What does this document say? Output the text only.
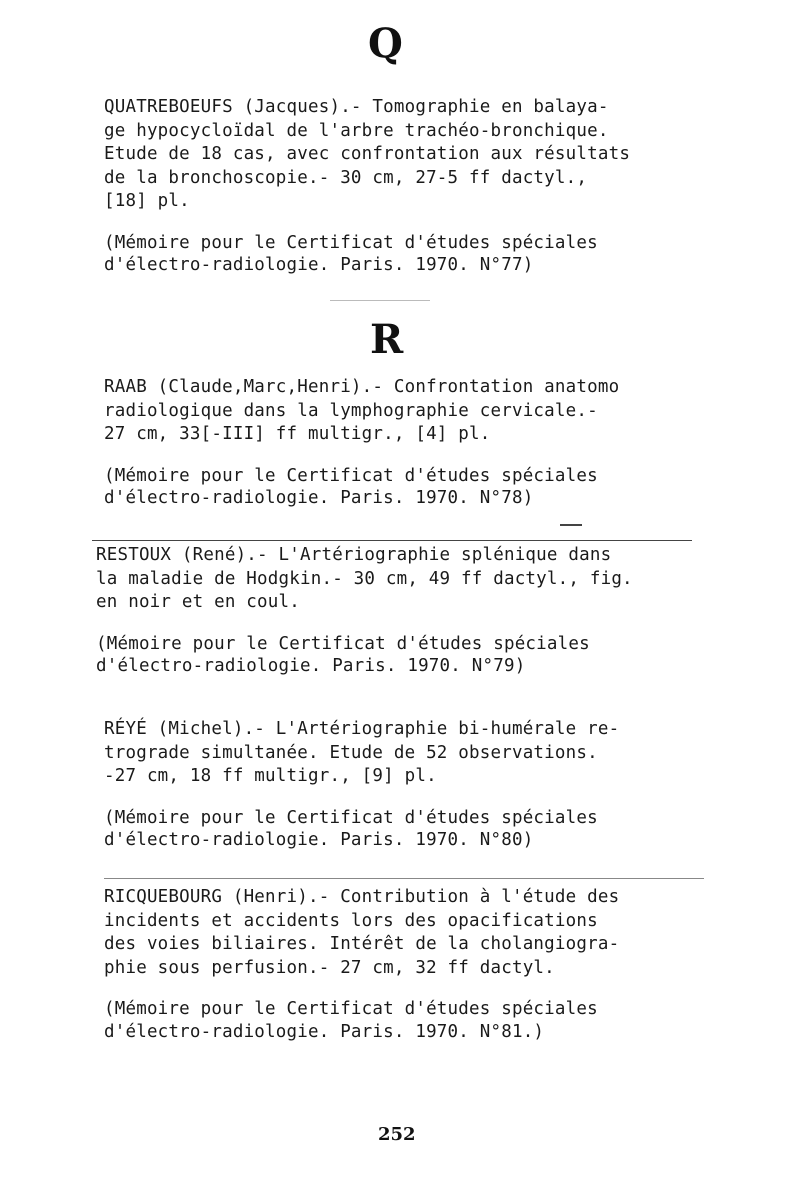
Q
QUATREBOEUFS (Jacques).- Tomographie en balaya-
ge hypocycloïdal de l'arbre trachéo-bronchique.
Etude de 18 cas, avec confrontation aux résultats
de la bronchoscopie.- 30 cm, 27-5 ff dactyl.,
[18] pl.
(Mémoire pour le Certificat d'études spéciales
d'électro-radiologie. Paris. 1970. N°77)
R
RAAB (Claude,Marc,Henri).- Confrontation anatomo
radiologique dans la lymphographie cervicale.-
27 cm, 33[-III] ff multigr., [4] pl.
(Mémoire pour le Certificat d'études spéciales
d'électro-radiologie. Paris. 1970. N°78)
RESTOUX (René).- L'Artériographie splénique dans
la maladie de Hodgkin.- 30 cm, 49 ff dactyl., fig.
en noir et en coul.
(Mémoire pour le Certificat d'études spéciales
d'électro-radiologie. Paris. 1970. N°79)
RÉYÉ (Michel).- L'Artériographie bi-humérale re-
trograde simultanée. Etude de 52 observations.
-27 cm, 18 ff multigr., [9] pl.
(Mémoire pour le Certificat d'études spéciales
d'électro-radiologie. Paris. 1970. N°80)
RICQUEBOURG (Henri).- Contribution à l'étude des
incidents et accidents lors des opacifications
des voies biliaires. Intérêt de la cholangiogra-
phie sous perfusion.- 27 cm, 32 ff dactyl.
(Mémoire pour le Certificat d'études spéciales
d'électro-radiologie. Paris. 1970. N°81.)
252
